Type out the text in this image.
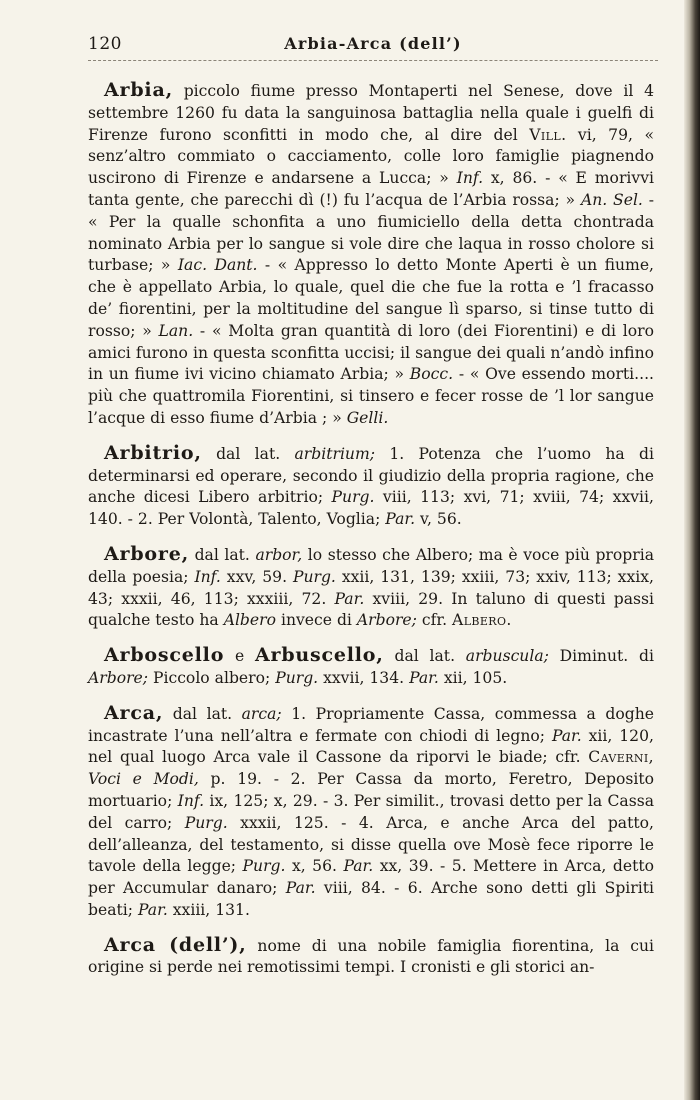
120	Arbia-Arca (dell’)

Arbia, piccolo fiume presso Montaperti nel Senese, dove il 4 settembre 1260 fu data la sanguinosa battaglia nella quale i guelfi di Firenze furono sconfitti in modo che, al dire del Vill. vi, 79, « senz’altro commiato o cacciamento, colle loro famiglie piagnendo uscirono di Firenze e andarsene a Lucca; » Inf. x, 86. - « E morivvi tanta gente, che parecchi dì (!) fu l’acqua de l’Arbia rossa; » An. Sel. - « Per la qualle schonfita a uno fiumiciello della detta chontrada nominato Arbia per lo sangue si vole dire che laqua in rosso cholore si turbase; » Iac. Dant. - « Appresso lo detto Monte Aperti è un fiume, che è appellato Arbia, lo quale, quel die che fue la rotta e ’l fracasso de’ fiorentini, per la moltitudine del sangue lì sparso, si tinse tutto di rosso; » Lan. - « Molta gran quantità di loro (dei Fiorentini) e di loro amici furono in questa sconfitta uccisi; il sangue dei quali n’andò infino in un fiume ivi vicino chiamato Arbia; » Bocc. - « Ove essendo morti.... più che quattromila Fiorentini, si tinsero e fecer rosse de ’l lor sangue l’acque di esso fiume d’Arbia ; » Gelli.

Arbitrio, dal lat. arbitrium; 1. Potenza che l’uomo ha di determinarsi ed operare, secondo il giudizio della propria ragione, che anche dicesi Libero arbitrio; Purg. viii, 113; xvi, 71; xviii, 74; xxvii, 140. - 2. Per Volontà, Talento, Voglia; Par. v, 56.

Arbore, dal lat. arbor, lo stesso che Albero; ma è voce più propria della poesia; Inf. xxv, 59. Purg. xxii, 131, 139; xxiii, 73; xxiv, 113; xxix, 43; xxxii, 46, 113; xxxiii, 72. Par. xviii, 29. In taluno di questi passi qualche testo ha Albero invece di Arbore; cfr. Albero.

Arboscello e Arbuscello, dal lat. arbuscula; Diminut. di Arbore; Piccolo albero; Purg. xxvii, 134. Par. xii, 105.

Arca, dal lat. arca; 1. Propriamente Cassa, commessa a doghe incastrate l’una nell’altra e fermate con chiodi di legno; Par. xii, 120, nel qual luogo Arca vale il Cassone da riporvi le biade; cfr. Caverni, Voci e Modi, p. 19. - 2. Per Cassa da morto, Feretro, Deposito mortuario; Inf. ix, 125; x, 29. - 3. Per similit., trovasi detto per la Cassa del carro; Purg. xxxii, 125. - 4. Arca, e anche Arca del patto, dell’alleanza, del testamento, si disse quella ove Mosè fece riporre le tavole della legge; Purg. x, 56. Par. xx, 39. - 5. Mettere in Arca, detto per Accumular danaro; Par. viii, 84. - 6. Arche sono detti gli Spiriti beati; Par. xxiii, 131.

Arca (dell’), nome di una nobile famiglia fiorentina, la cui origine si perde nei remotissimi tempi. I cronisti e gli storici an-
